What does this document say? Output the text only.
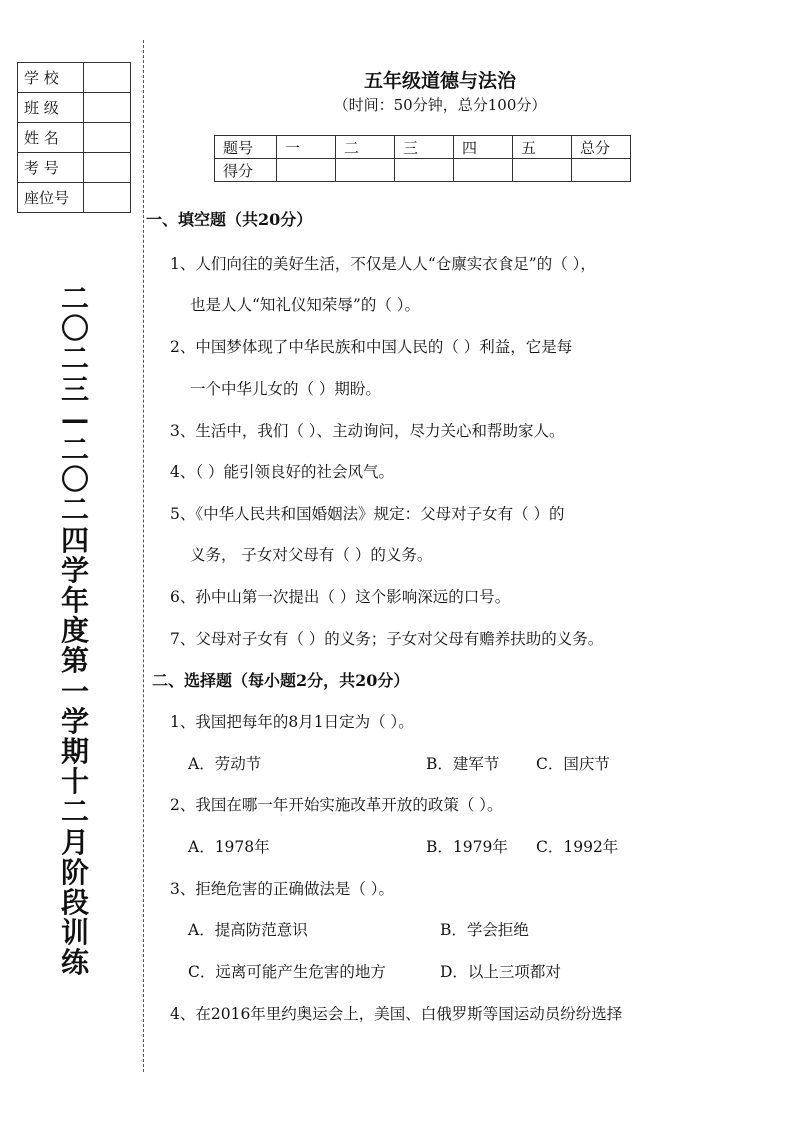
学 校	
班 级	
姓 名	
考 号	
座位号	
二〇二三—二〇二四学年度第一学期十二月阶段训练
五年级道德与法治
（时间：50分钟，总分100分）
题号	一	二	三	四	五	总分
得分						
一、填空题（共20分）
1、人们向往的美好生活，不仅是人人“仓廪实衣食足”的（ ），
也是人人“知礼仪知荣辱”的（ ）。
2、中国梦体现了中华民族和中国人民的（ ）利益，它是每
一个中华儿女的（ ）期盼。
3、生活中，我们（ ）、主动询问，尽力关心和帮助家人。
4、（ ）能引领良好的社会风气。
5、《中华人民共和国婚姻法》规定：父母对子女有（ ）的
义务， 子女对父母有（ ）的义务。
6、孙中山第一次提出（ ）这个影响深远的口号。
7、父母对子女有（ ）的义务；子女对父母有赡养扶助的义务。
二、选择题（每小题2分，共20分）
1、我国把每年的8月1日定为（ ）。
A．劳动节	B．建军节 C．国庆节
2、我国在哪一年开始实施改革开放的政策（ ）。
A．1978年	B．1979年 C．1992年
3、拒绝危害的正确做法是（ ）。
A．提高防范意识	B．学会拒绝
C．远离可能产生危害的地方	D．以上三项都对
4、在2016年里约奥运会上，美国、白俄罗斯等国运动员纷纷选择
